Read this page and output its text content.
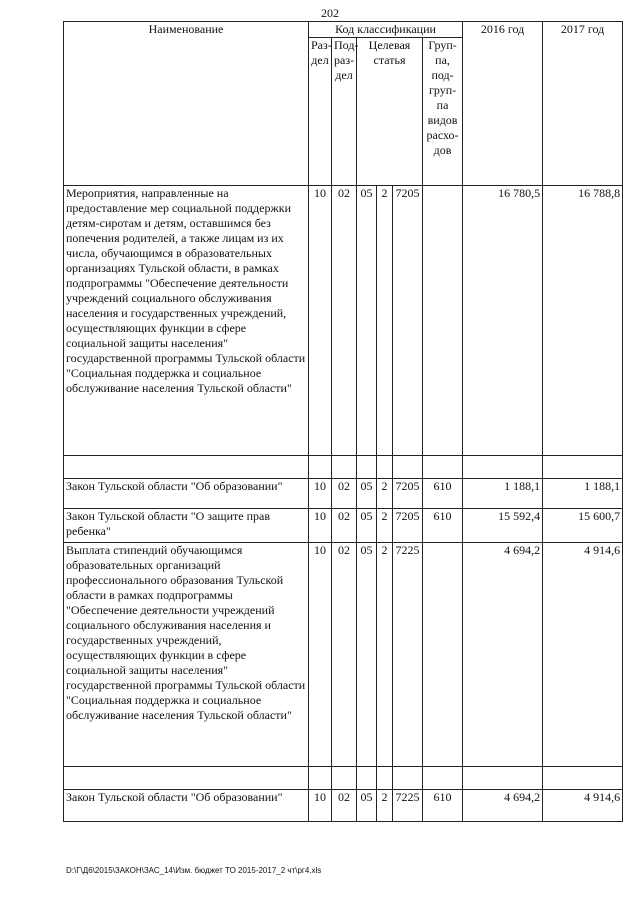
202
Наименование	Код классификации						2016 год	2017 год
	Раз-дел	Под-раз-дел	Целевая статья			Груп-па, под-груп-па видов расхо-дов		
Мероприятия, направленные на предоставление мер социальной поддержки детям-сиротам и детям, оставшимся без попечения родителей, а также лицам из их числа, обучающимся в образовательных организациях Тульской области, в рамках подпрограммы "Обеспечение деятельности учреждений социального обслуживания населения и государственных учреждений, осуществляющих функции в сфере социальной защиты населения" государственной программы Тульской области "Социальная поддержка и социальное обслуживание населения Тульской области"	10	02	05	2	7205		16 780,5	16 788,8

Закон Тульской области "Об образовании"	10	02	05	2	7205	610	1 188,1	1 188,1
Закон Тульской области "О защите прав ребенка"	10	02	05	2	7205	610	15 592,4	15 600,7
Выплата стипендий обучающимся образовательных организаций профессионального образования Тульской области в рамках подпрограммы "Обеспечение деятельности учреждений социального обслуживания населения и государственных учреждений, осуществляющих функции в сфере социальной защиты населения" государственной программы Тульской области "Социальная поддержка и социальное обслуживание населения Тульской области"	10	02	05	2	7225		4 694,2	4 914,6

Закон Тульской области "Об образовании"	10	02	05	2	7225	610	4 694,2	4 914,6
D:\Г\Д6\2015\ЗАКОН\ЗАС_14\Изм. бюджет ТО 2015-2017_2 чт\рг4.xls
